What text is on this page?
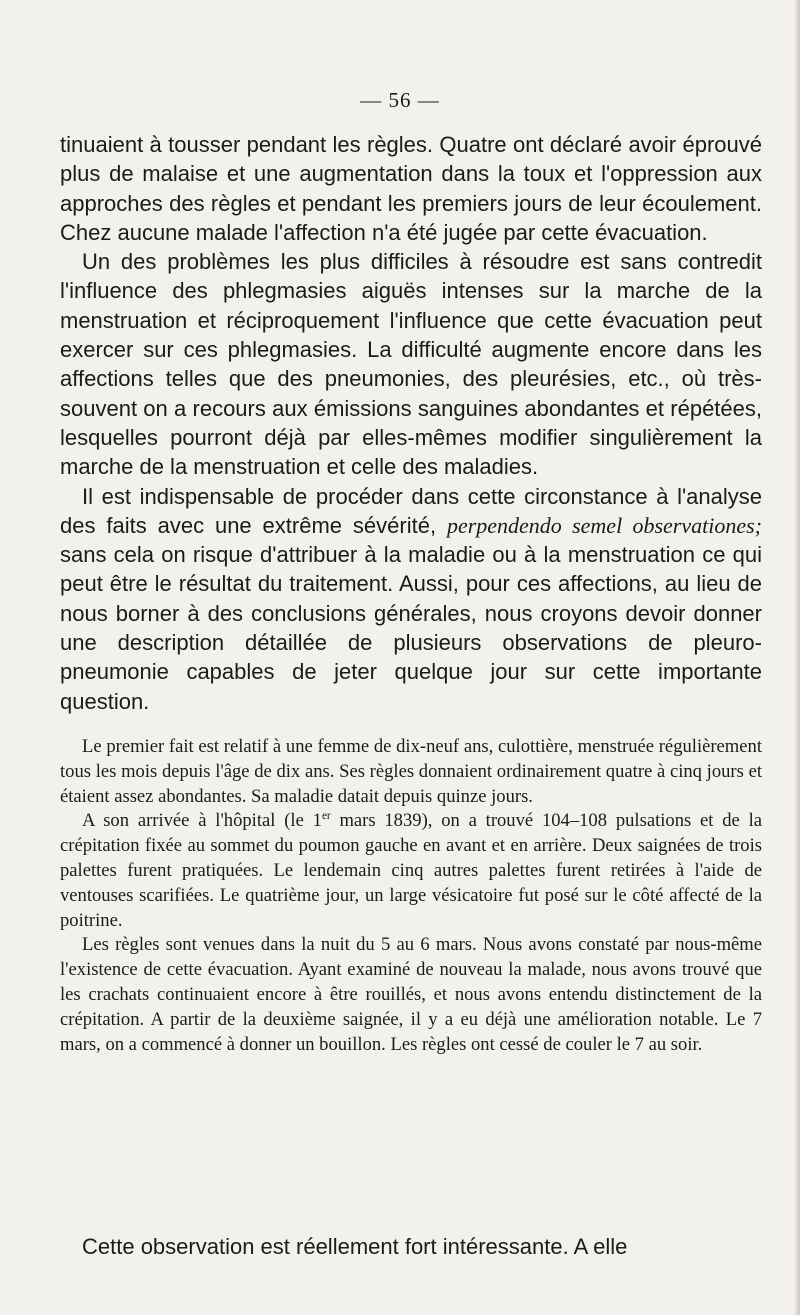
— 56 —

tinuaient à tousser pendant les règles. Quatre ont déclaré avoir éprouvé plus de malaise et une augmentation dans la toux et l'oppression aux approches des règles et pendant les premiers jours de leur écoulement. Chez aucune malade l'affection n'a été jugée par cette évacuation.

Un des problèmes les plus difficiles à résoudre est sans contredit l'influence des phlegmasies aiguës intenses sur la marche de la menstruation et réciproquement l'influence que cette évacuation peut exercer sur ces phlegmasies. La difficulté augmente encore dans les affections telles que des pneumonies, des pleurésies, etc., où très-souvent on a recours aux émissions sanguines abondantes et répétées, lesquelles pourront déjà par elles-mêmes modifier singulièrement la marche de la menstruation et celle des maladies.

Il est indispensable de procéder dans cette circonstance à l'analyse des faits avec une extrême sévérité, perpendendo semel observationes; sans cela on risque d'attribuer à la maladie ou à la menstruation ce qui peut être le résultat du traitement. Aussi, pour ces affections, au lieu de nous borner à des conclusions générales, nous croyons devoir donner une description détaillée de plusieurs observations de pleuro-pneumonie capables de jeter quelque jour sur cette importante question.

Le premier fait est relatif à une femme de dix-neuf ans, culottière, menstruée régulièrement tous les mois depuis l'âge de dix ans. Ses règles donnaient ordinairement quatre à cinq jours et étaient assez abondantes. Sa maladie datait depuis quinze jours.

A son arrivée à l'hôpital (le 1er mars 1839), on a trouvé 104–108 pulsations et de la crépitation fixée au sommet du poumon gauche en avant et en arrière. Deux saignées de trois palettes furent pratiquées. Le lendemain cinq autres palettes furent retirées à l'aide de ventouses scarifiées. Le quatrième jour, un large vésicatoire fut posé sur le côté affecté de la poitrine.

Les règles sont venues dans la nuit du 5 au 6 mars. Nous avons constaté par nous-même l'existence de cette évacuation. Ayant examiné de nouveau la malade, nous avons trouvé que les crachats continuaient encore à être rouillés, et nous avons entendu distinctement de la crépitation. A partir de la deuxième saignée, il y a eu déjà une amélioration notable. Le 7 mars, on a commencé à donner un bouillon. Les règles ont cessé de couler le 7 au soir.

Cette observation est réellement fort intéressante. A elle
